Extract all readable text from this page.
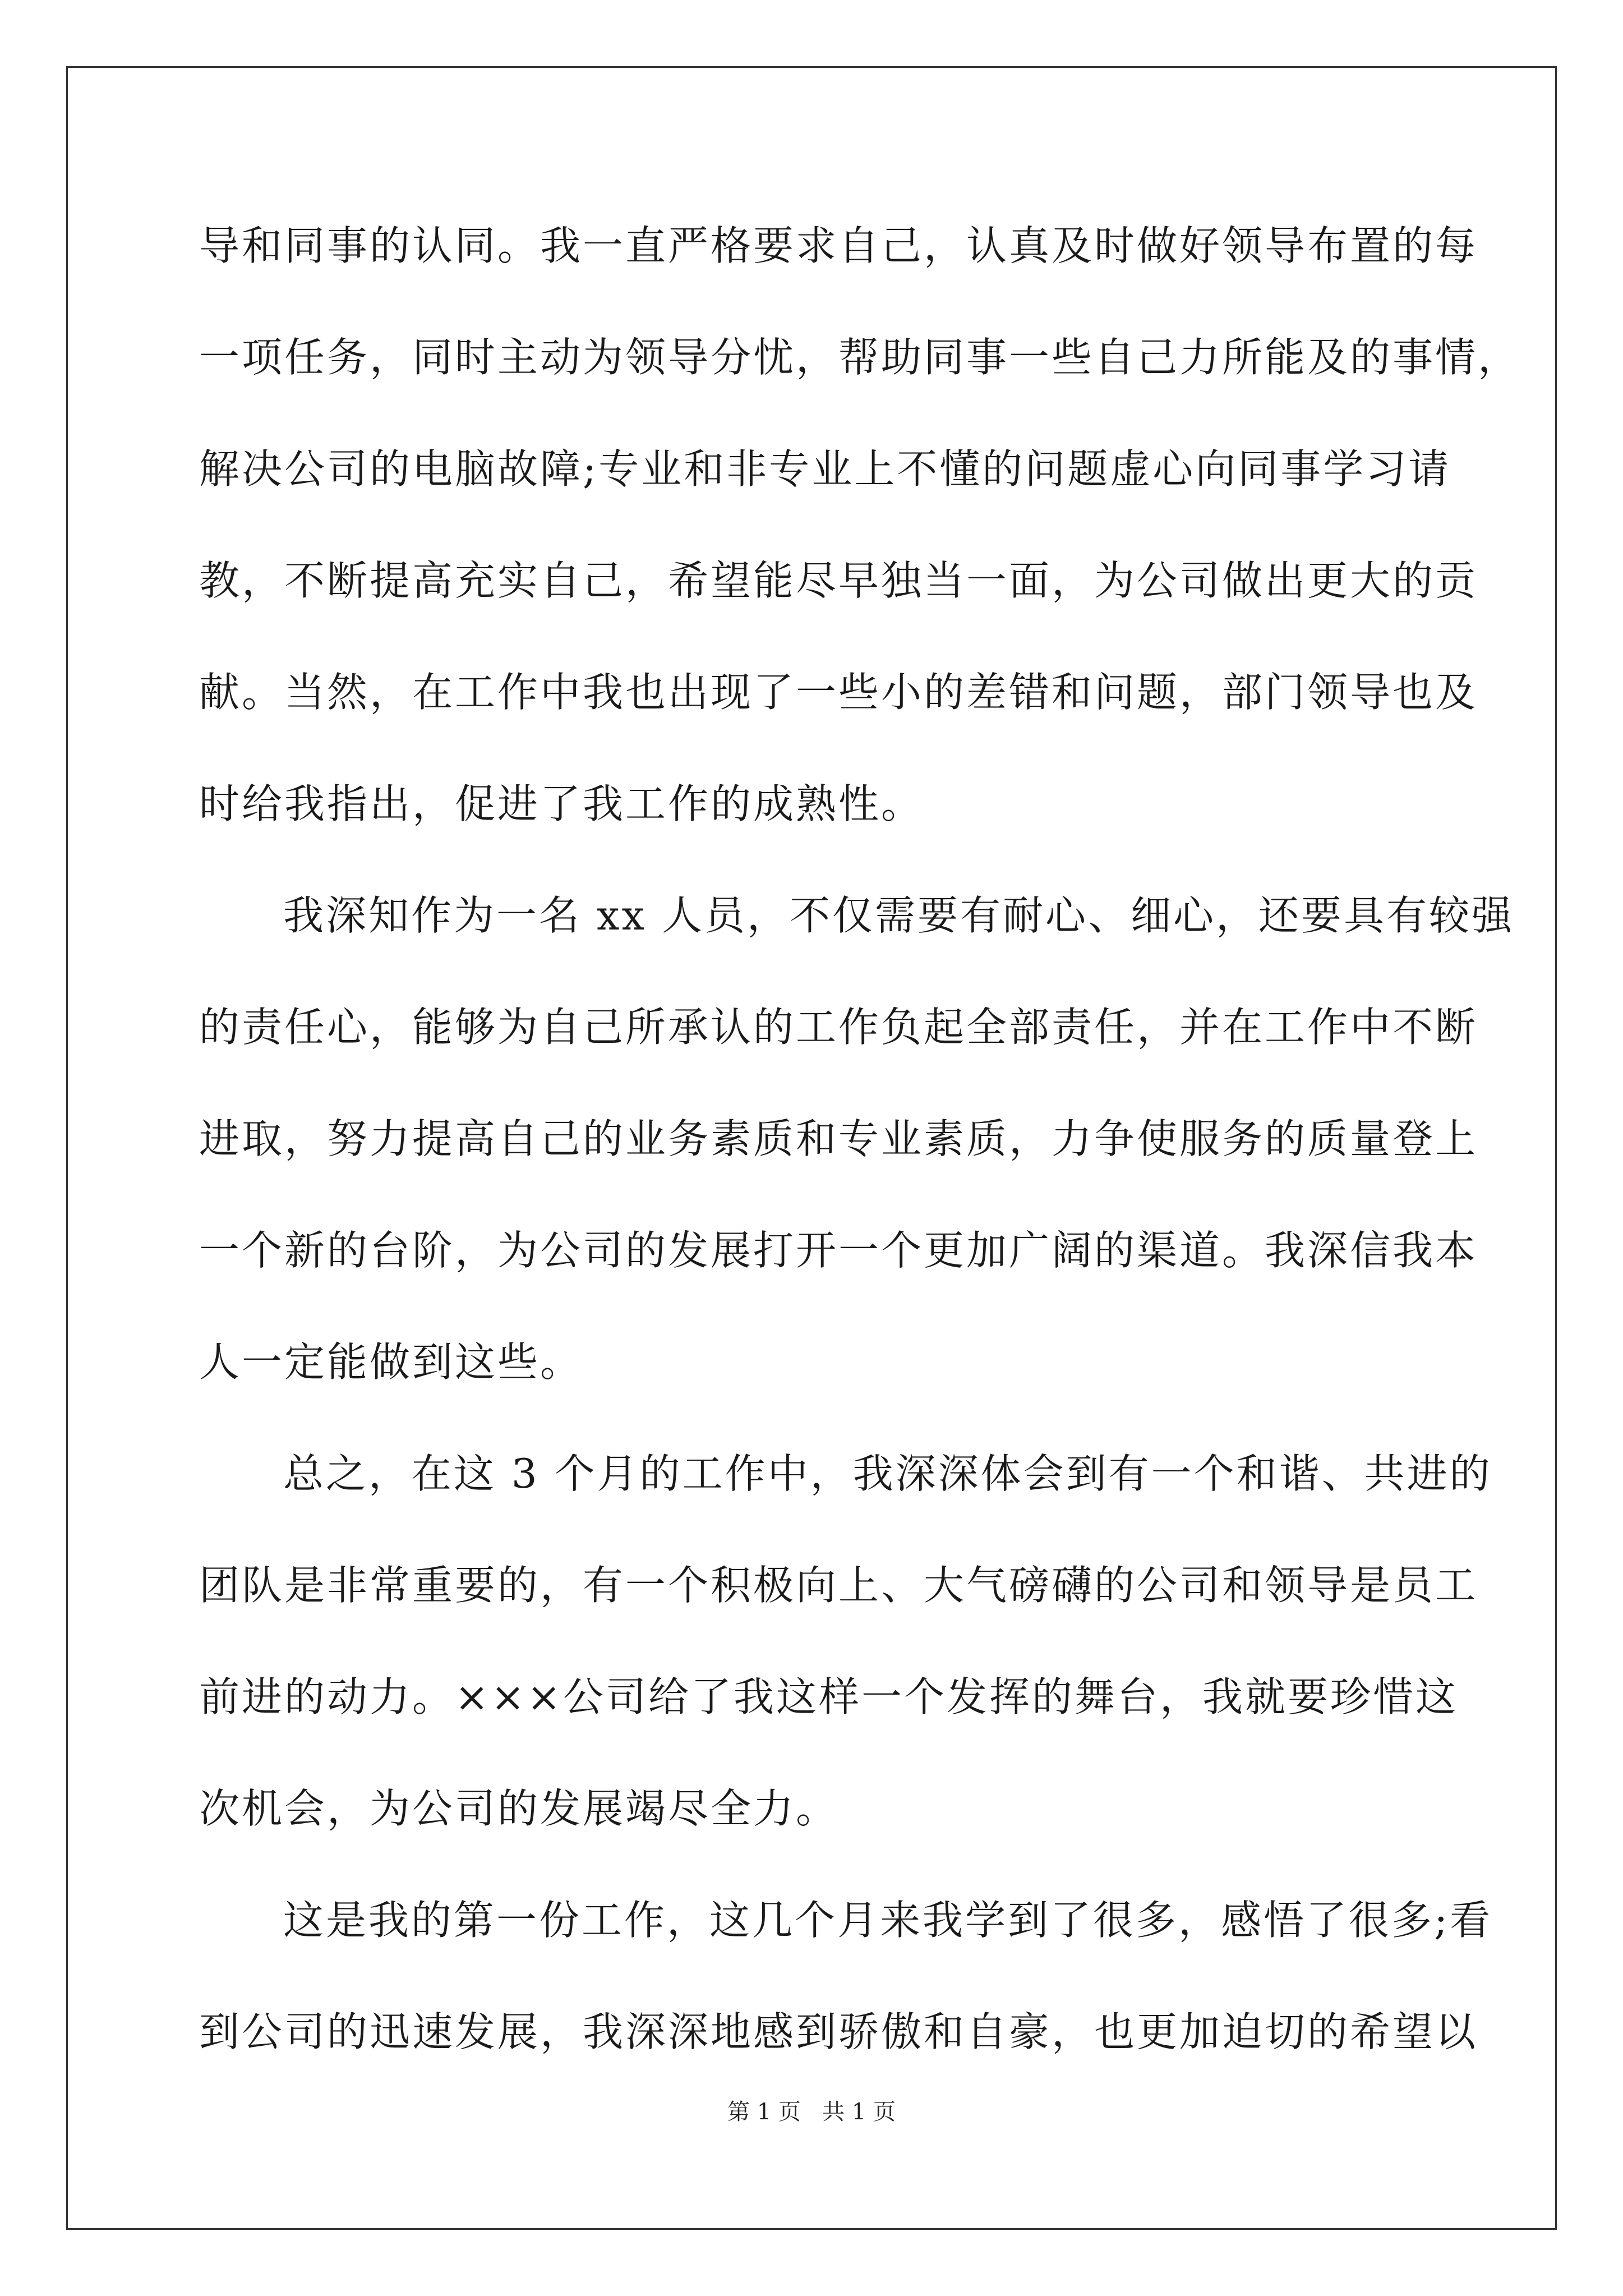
导和同事的认同。我一直严格要求自己，认真及时做好领导布置的每
一项任务，同时主动为领导分忧，帮助同事一些自己力所能及的事情，
解决公司的电脑故障;专业和非专业上不懂的问题虚心向同事学习请
教，不断提高充实自己，希望能尽早独当一面，为公司做出更大的贡
献。当然，在工作中我也出现了一些小的差错和问题，部门领导也及
时给我指出，促进了我工作的成熟性。
我深知作为一名 xx 人员，不仅需要有耐心、细心，还要具有较强
的责任心，能够为自己所承认的工作负起全部责任，并在工作中不断
进取，努力提高自己的业务素质和专业素质，力争使服务的质量登上
一个新的台阶，为公司的发展打开一个更加广阔的渠道。我深信我本
人一定能做到这些。
总之，在这 3 个月的工作中，我深深体会到有一个和谐、共进的
团队是非常重要的，有一个积极向上、大气磅礴的公司和领导是员工
前进的动力。×××公司给了我这样一个发挥的舞台，我就要珍惜这
次机会，为公司的发展竭尽全力。
这是我的第一份工作，这几个月来我学到了很多，感悟了很多;看
到公司的迅速发展，我深深地感到骄傲和自豪，也更加迫切的希望以
第 1 页   共 1 页
